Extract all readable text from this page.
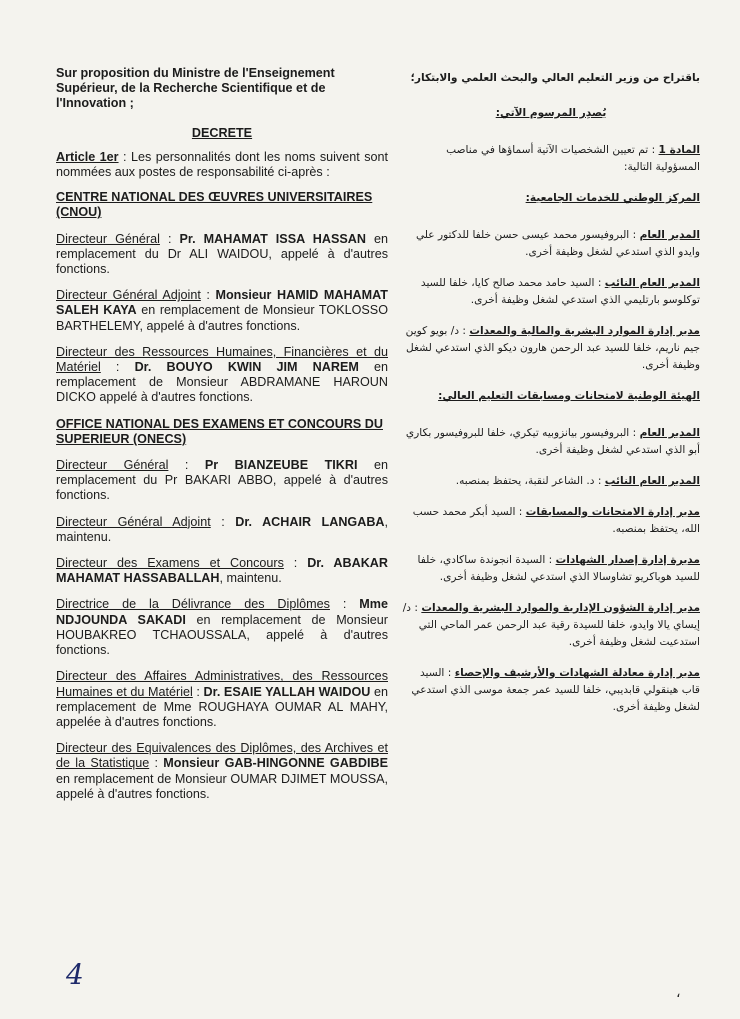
Sur proposition du Ministre de l'Enseignement Supérieur, de la Recherche Scientifique et de l'Innovation ;
DECRETE
Article 1er : Les personnalités dont les noms suivent sont nommées aux postes de responsabilité ci-après :
CENTRE NATIONAL DES ŒUVRES UNIVERSITAIRES (CNOU)
Directeur Général : Pr. MAHAMAT ISSA HASSAN en remplacement du Dr ALI WAIDOU, appelé à d'autres fonctions.
Directeur Général Adjoint : Monsieur HAMID MAHAMAT SALEH KAYA en remplacement de Monsieur TOKLOSSO BARTHELEMY, appelé à d'autres fonctions.
Directeur des Ressources Humaines, Financières et du Matériel : Dr. BOUYO KWIN JIM NAREM en remplacement de Monsieur ABDRAMANE HAROUN DICKO appelé à d'autres fonctions.
OFFICE NATIONAL DES EXAMENS ET CONCOURS DU SUPERIEUR (ONECS)
Directeur Général : Pr BIANZEUBE TIKRI en remplacement du Pr BAKARI ABBO, appelé à d'autres fonctions.
Directeur Général Adjoint : Dr. ACHAIR LANGABA, maintenu.
Directeur des Examens et Concours : Dr. ABAKAR MAHAMAT HASSABALLAH, maintenu.
Directrice de la Délivrance des Diplômes : Mme NDJOUNDA SAKADI en remplacement de Monsieur HOUBAKREO TCHAOUSSALA, appelé à d'autres fonctions.
Directeur des Affaires Administratives, des Ressources Humaines et du Matériel : Dr. ESAIE YALLAH WAIDOU en remplacement de Mme ROUGHAYA OUMAR AL MAHY, appelée à d'autres fonctions.
Directeur des Equivalences des Diplômes, des Archives et de la Statistique : Monsieur GAB-HINGONNE GABDIBE en remplacement de Monsieur OUMAR DJIMET MOUSSA, appelé à d'autres fonctions.
باقتراح من وزير التعليم العالي والبحث العلمي والابتكار؛
يُصدِر المرسوم الآتي:
المادة 1 : تم تعيين الشخصيات الآتية أسماؤها في مناصب المسؤولية التالية:
المركز الوطني للخدمات الجامعية:
المدير العام : البروفيسور محمد عيسى حسن خلفا للدكتور علي وايدو الذي استدعي لشغل وظيفة أخرى.
المدير العام النائب : السيد حامد محمد صالح كايا، خلفا للسيد توكلوسو بارتليمي الذي استدعي لشغل وظيفة أخرى.
مدير إدارة الموارد البشرية والمالية والمعدات : د/ بويو كوين جيم ناريم، خلفا للسيد عبد الرحمن هارون ديكو الذي استدعي لشغل وظيفة أخرى.
الهيئة الوطنية لامتحانات ومسابقات التعليم العالي:
المدير العام : البروفيسور بيانزوبيه تيكري، خلفا للبروفيسور بكاري أبو الذي استدعي لشغل وظيفة أخرى.
المدير العام النائب : د. الشاعر لنقبة، يحتفظ بمنصبه.
مدير إدارة الامتحانات والمسابقات : السيد أبكر محمد حسب الله، يحتفظ بمنصبه.
مديرة إدارة إصدار الشهادات : السيدة انجوندة ساكادي، خلفا للسيد هوباكريو تشاوسالا الذي استدعي لشغل وظيفة أخرى.
مدير إدارة الشؤون الإدارية والموارد البشرية والمعدات : د/ إيساي يالا وايدو، خلفا للسيدة رقية عبد الرحمن عمر الماحي التي استدعيت لشغل وظيفة أخرى.
مدير إدارة معادلة الشهادات والأرشيف والإحصاء : السيد قاب هينقولي قابديبي، خلفا للسيد عمر جمعة موسى الذي استدعي لشغل وظيفة أخرى.
4
،
